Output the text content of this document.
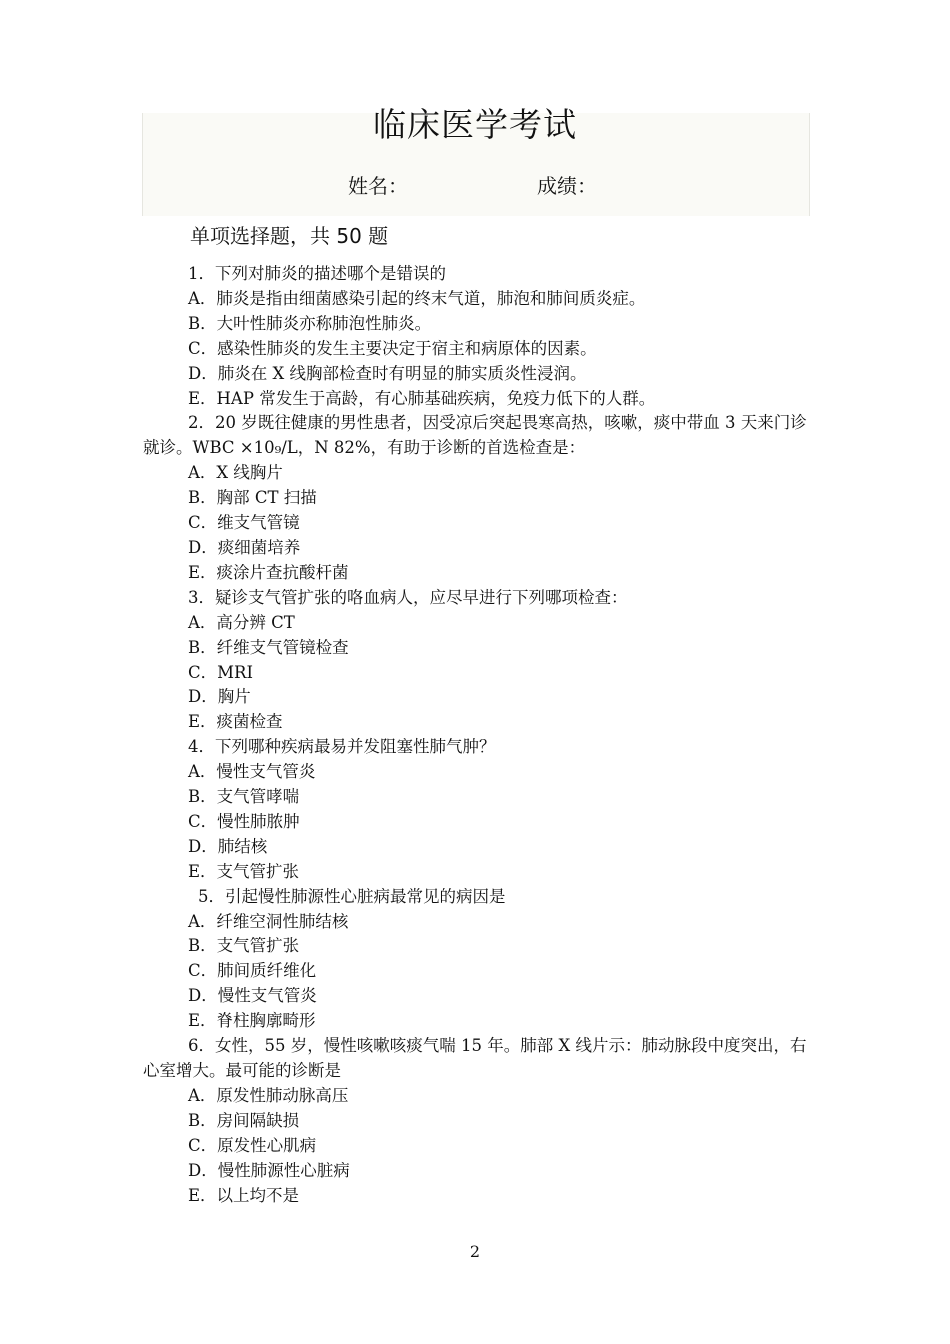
临床医学考试
姓名：	成绩：
单项选择题，共 50 题
1．下列对肺炎的描述哪个是错误的
A．肺炎是指由细菌感染引起的终末气道，肺泡和肺间质炎症。
B．大叶性肺炎亦称肺泡性肺炎。
C．感染性肺炎的发生主要决定于宿主和病原体的因素。
D．肺炎在 X 线胸部检查时有明显的肺实质炎性浸润。
E．HAP 常发生于高龄，有心肺基础疾病，免疫力低下的人群。
2．20 岁既往健康的男性患者，因受凉后突起畏寒高热，咳嗽，痰中带血 3 天来门诊就诊。WBC ×10₉/L，N 82%，有助于诊断的首选检查是：
A．X 线胸片
B．胸部 CT 扫描
C．维支气管镜
D．痰细菌培养
E．痰涂片查抗酸杆菌
3．疑诊支气管扩张的咯血病人，应尽早进行下列哪项检查：
A．高分辨 CT
B．纤维支气管镜检查
C．MRI
D．胸片
E．痰菌检查
4．下列哪种疾病最易并发阻塞性肺气肿？
A．慢性支气管炎
B．支气管哮喘
C．慢性肺脓肿
D．肺结核
E．支气管扩张
5．引起慢性肺源性心脏病最常见的病因是
A．纤维空洞性肺结核
B．支气管扩张
C．肺间质纤维化
D．慢性支气管炎
E．脊柱胸廓畸形
6．女性，55 岁，慢性咳嗽咳痰气喘 15 年。肺部 X 线片示：肺动脉段中度突出，右心室增大。最可能的诊断是
A．原发性肺动脉高压
B．房间隔缺损
C．原发性心肌病
D．慢性肺源性心脏病
E．以上均不是
2
